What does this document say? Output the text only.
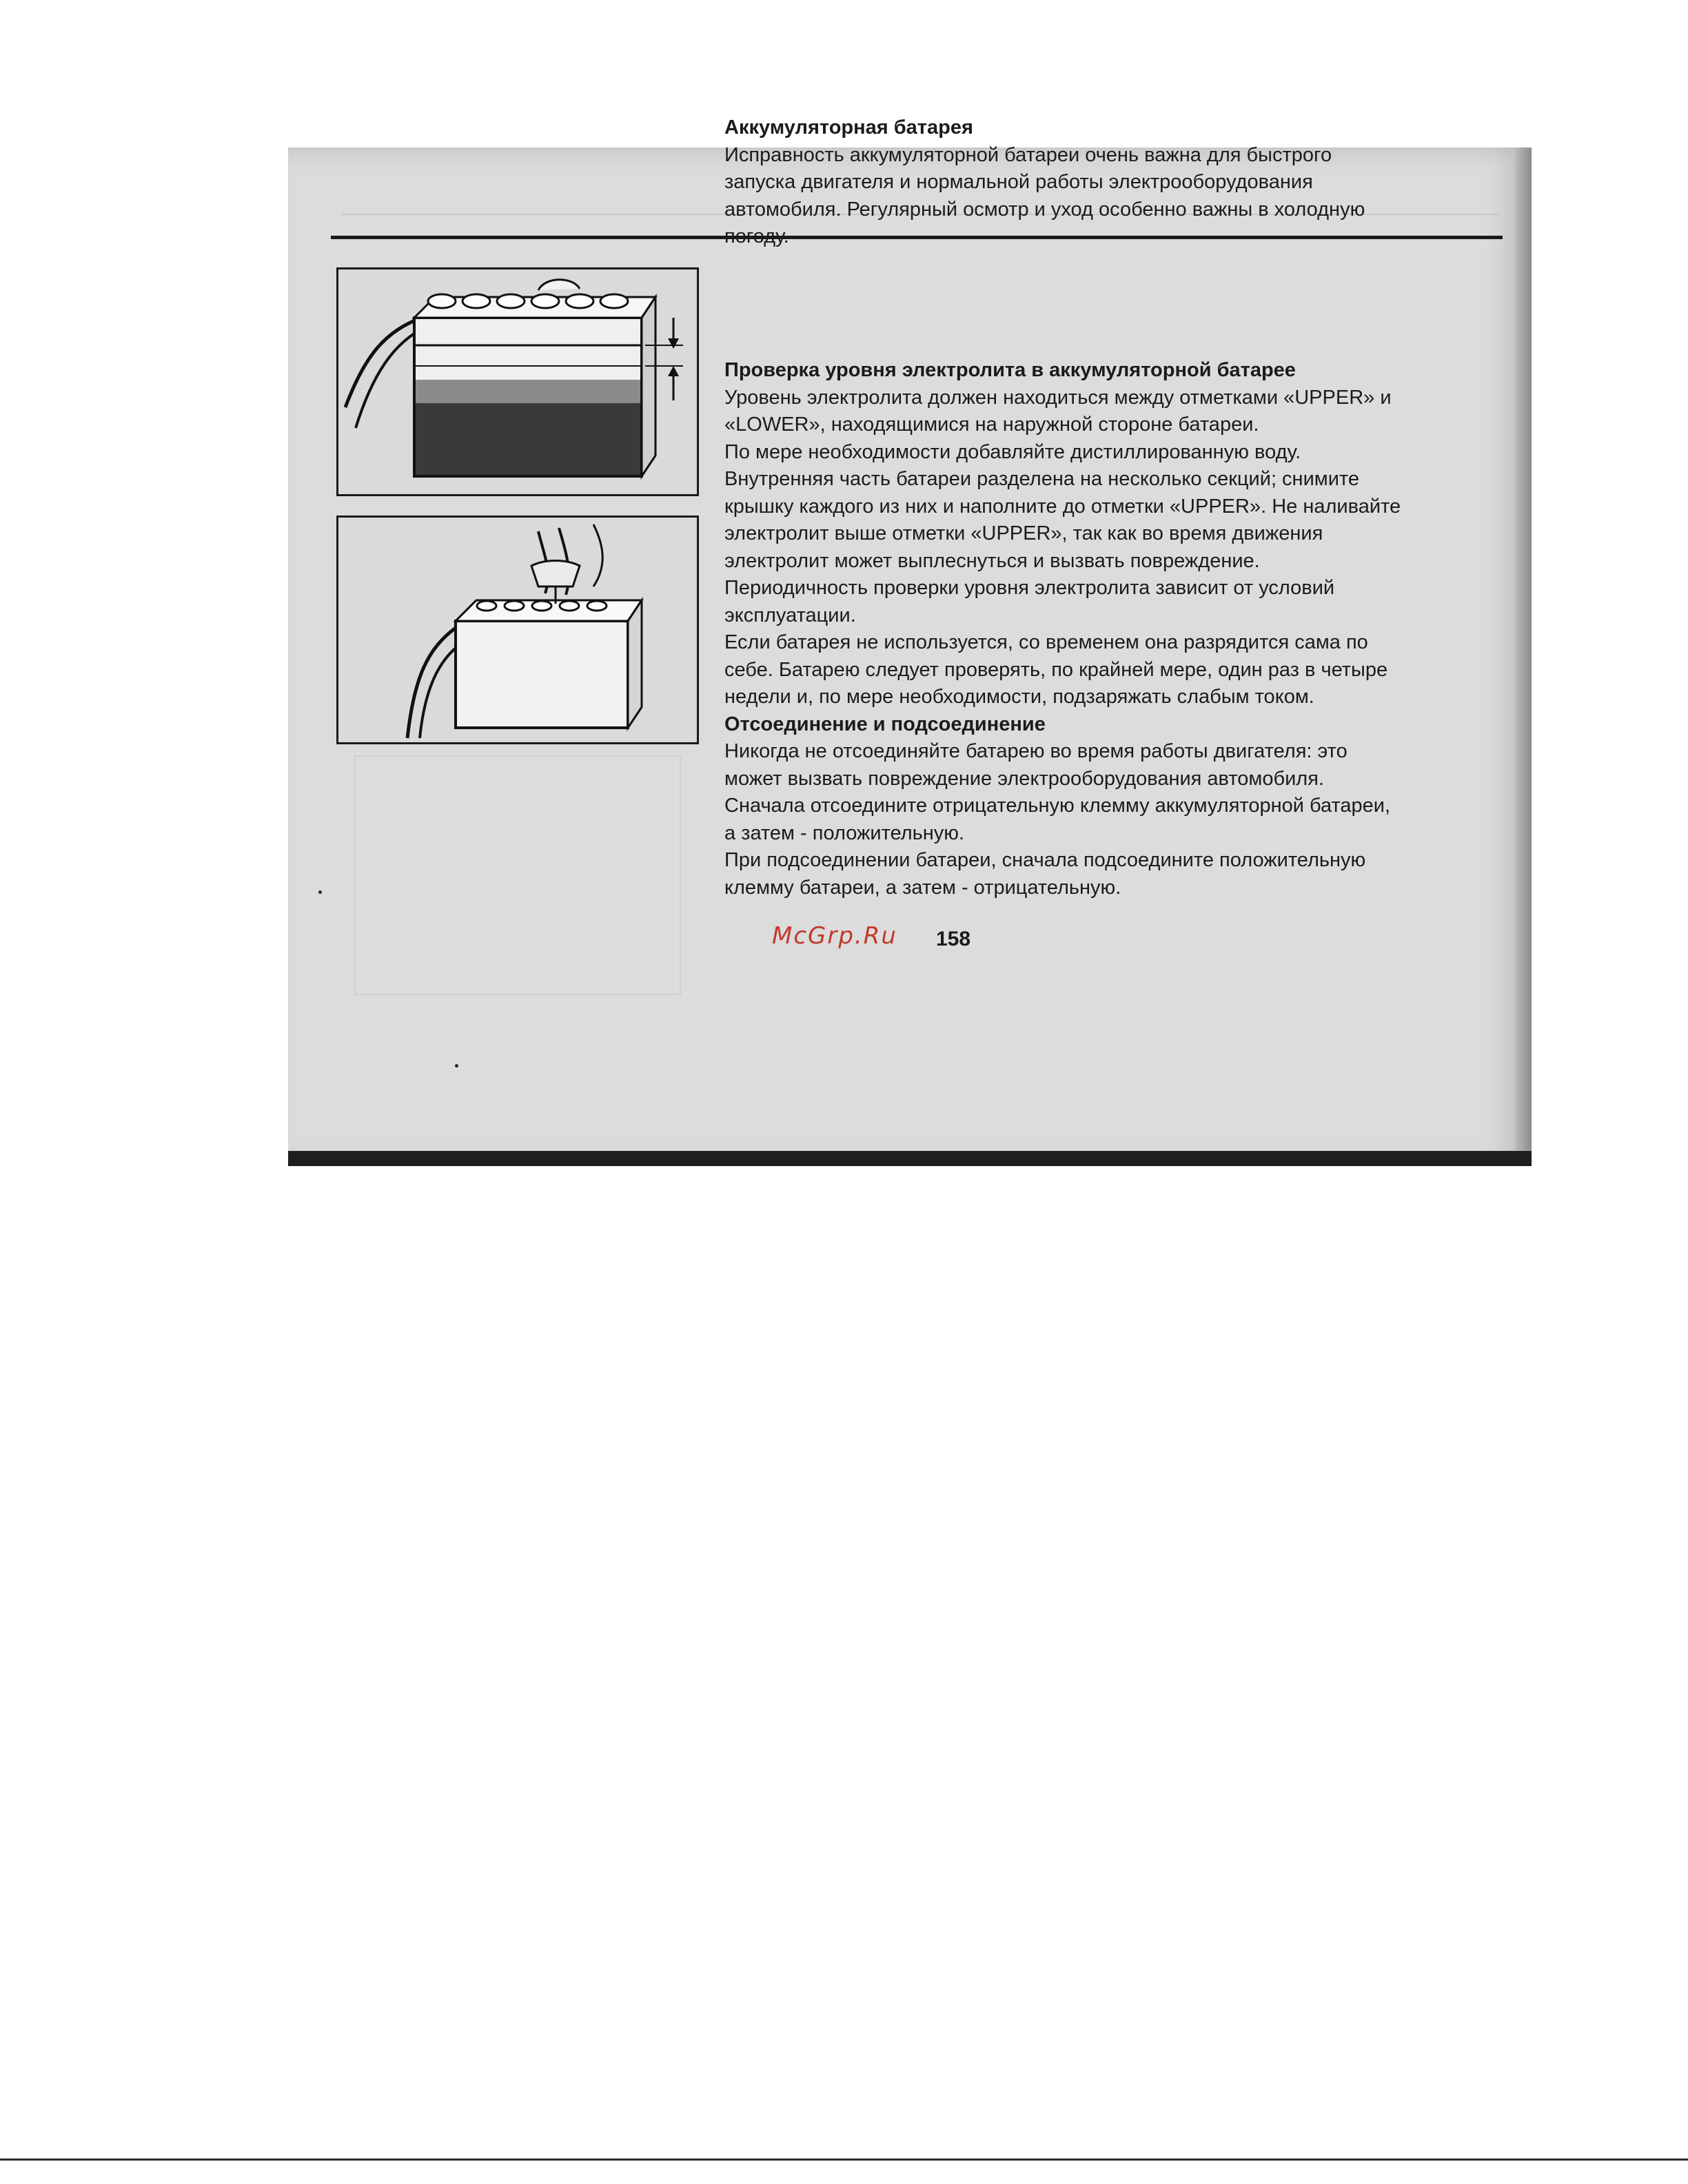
Аккумуляторная батарея
Исправность аккумуляторной батареи очень важна для быстрого
запуска двигателя и нормальной работы электрооборудования
автомобиля. Регулярный осмотр и уход особенно важны в холодную
погоду.
Проверка уровня электролита в аккумуляторной батарее
Уровень электролита должен находиться между отметками «UPPER» и
«LOWER», находящимися на наружной стороне батареи.
По мере необходимости добавляйте дистиллированную воду.
Внутренняя часть батареи разделена на несколько секций; снимите
крышку каждого из них и наполните до отметки «UPPER». Не наливайте
электролит выше отметки «UPPER», так как во время движения
электролит может выплеснуться и вызвать повреждение.
Периодичность проверки уровня электролита зависит от условий
эксплуатации.
Если батарея не используется, со временем она разрядится сама по
себе. Батарею следует проверять, по крайней мере, один раз в четыре
недели и, по мере необходимости, подзаряжать слабым током.
Отсоединение и подсоединение
Никогда не отсоединяйте батарею во время работы двигателя: это
может вызвать повреждение электрооборудования автомобиля.
Сначала отсоедините отрицательную клемму аккумуляторной батареи,
а затем - положительную.
При подсоединении батареи, сначала подсоедините положительную
клемму батареи, а затем - отрицательную.
McGrp.Ru 158
